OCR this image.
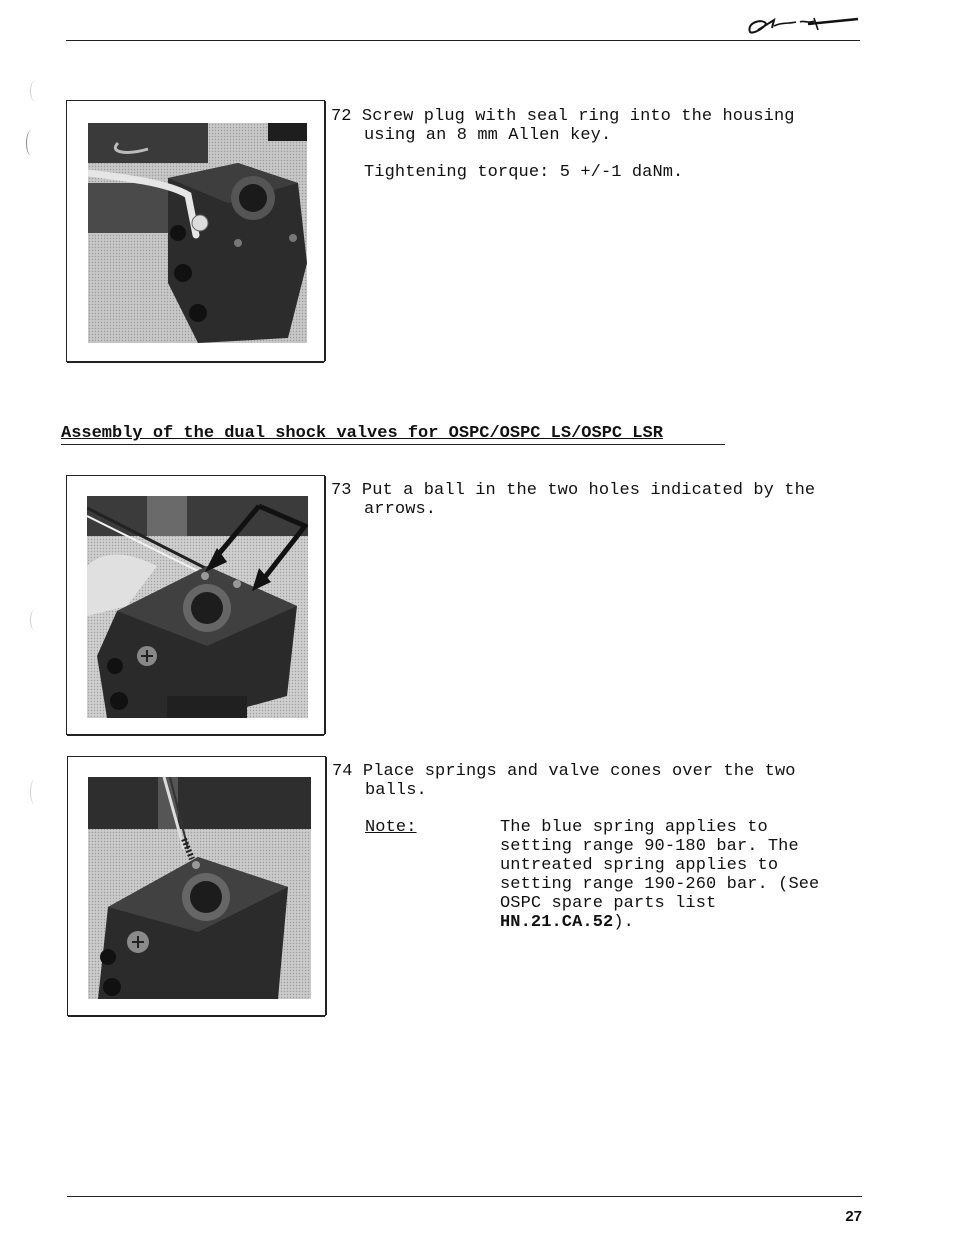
72 Screw plug with seal ring into the housing
using an 8 mm Allen key.
Tightening torque: 5 +/-1 daNm.
Assembly of the dual shock valves for OSPC/OSPC LS/OSPC LSR
73 Put a ball in the two holes indicated by the
arrows.
74 Place springs and valve cones over the two
balls.
Note:	The blue spring applies to
setting range 90-180 bar. The
untreated spring applies to
setting range 190-260 bar. (See
OSPC spare parts list
HN.21.CA.52).
27
